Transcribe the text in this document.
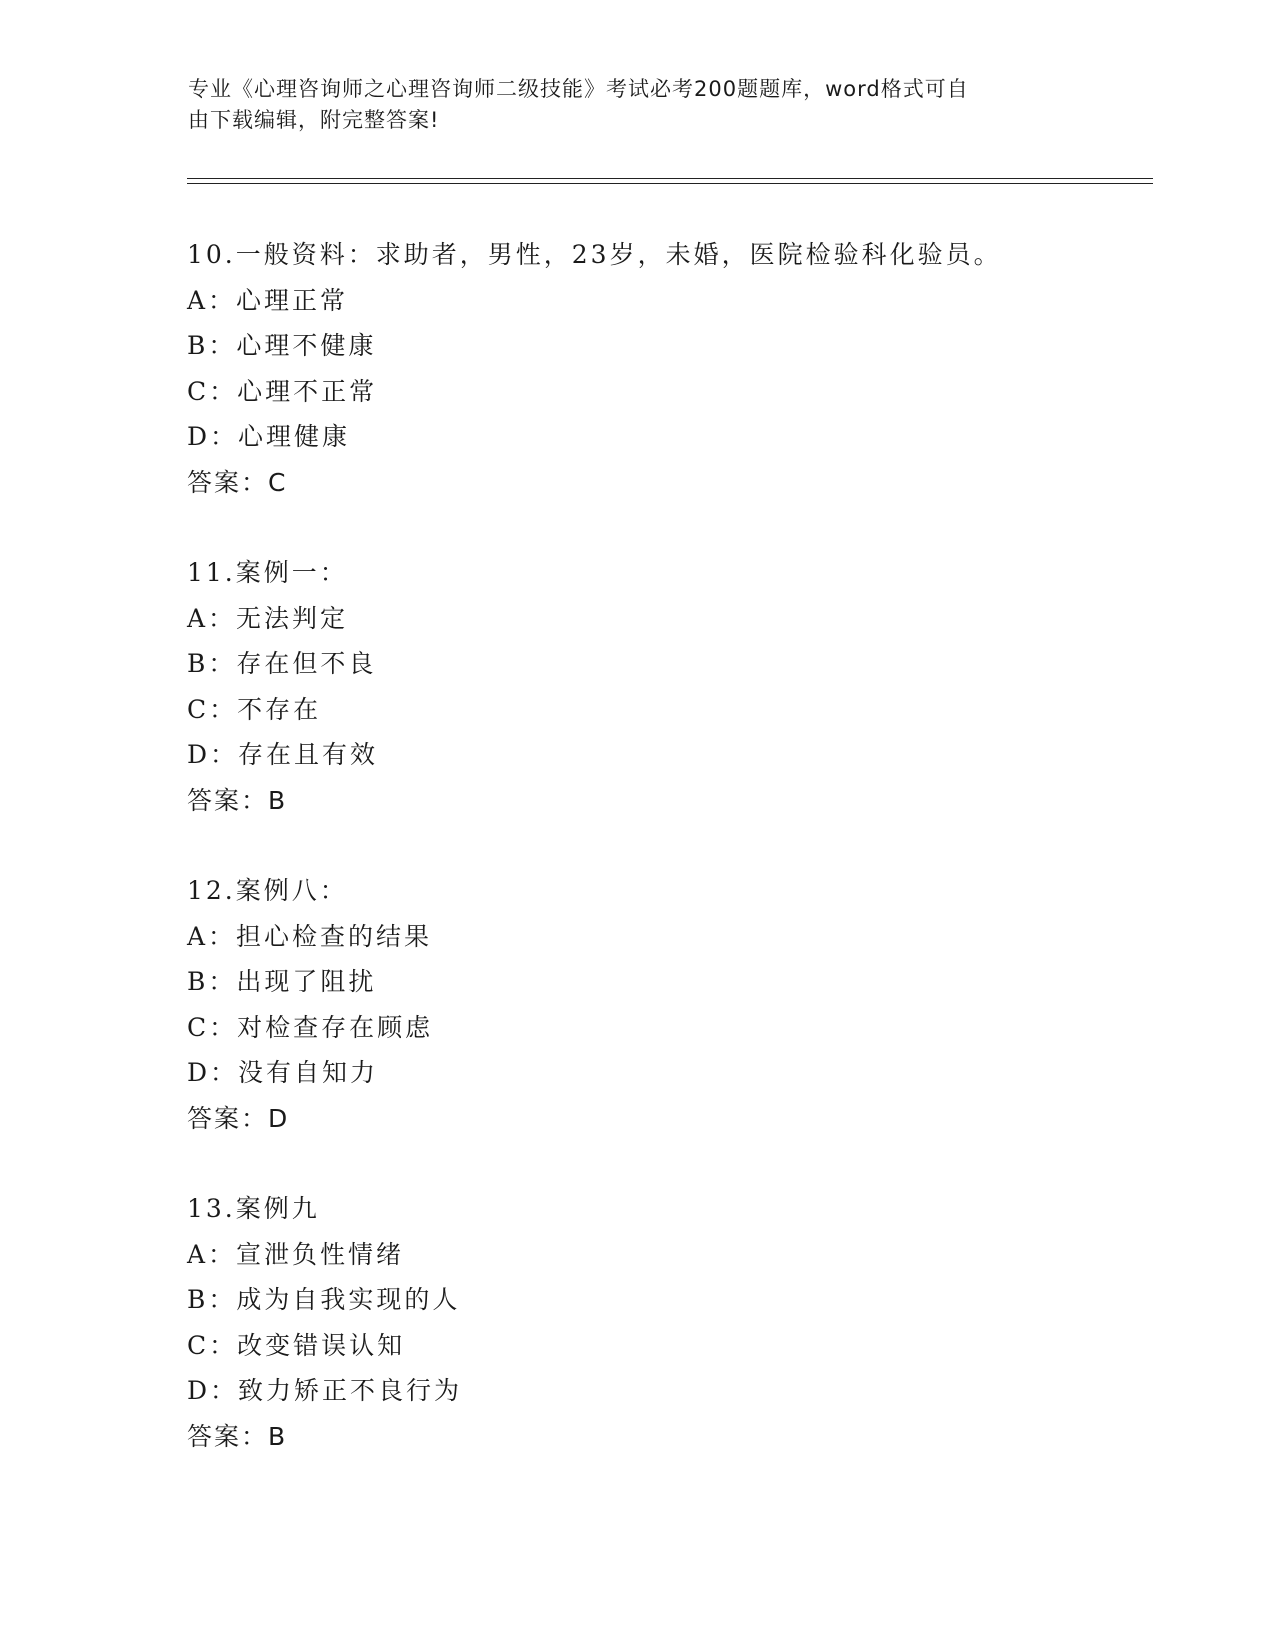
专业《心理咨询师之心理咨询师二级技能》考试必考200题题库，word格式可自
由下载编辑，附完整答案!
10.一般资料：求助者，男性，23岁，未婚，医院检验科化验员。
A：心理正常
B：心理不健康
C：心理不正常
D：心理健康
答案：C
11.案例一：
A：无法判定
B：存在但不良
C：不存在
D：存在且有效
答案：B
12.案例八：
A：担心检查的结果
B：出现了阻扰
C：对检查存在顾虑
D：没有自知力
答案：D
13.案例九
A：宣泄负性情绪
B：成为自我实现的人
C：改变错误认知
D：致力矫正不良行为
答案：B
